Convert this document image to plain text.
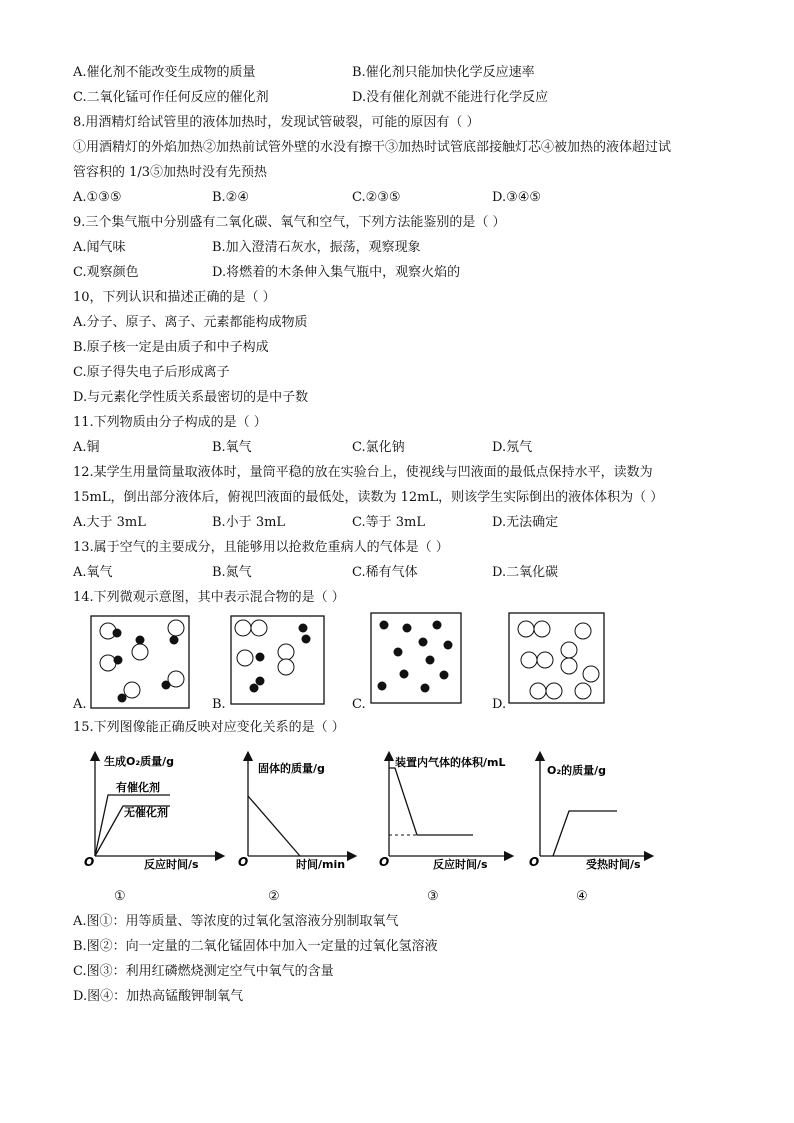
A.催化剂不能改变生成物的质量	B.催化剂只能加快化学反应速率
C.二氧化锰可作任何反应的催化剂	D.没有催化剂就不能进行化学反应
8.用酒精灯给试管里的液体加热时，发现试管破裂，可能的原因有（ ）
①用酒精灯的外焰加热②加热前试管外壁的水没有擦干③加热时试管底部接触灯芯④被加热的液体超过试
管容积的 1/3⑤加热时没有先预热
A.①③⑤	B.②④	C.②③⑤	D.③④⑤
9.三个集气瓶中分别盛有二氧化碳、氧气和空气，下列方法能鉴别的是（ ）
A.闻气味	B.加入澄清石灰水，振荡，观察现象
C.观察颜色	D.将燃着的木条伸入集气瓶中，观察火焰的
10，下列认识和描述正确的是（ ）
A.分子、原子、离子、元素都能构成物质
B.原子核一定是由质子和中子构成
C.原子得失电子后形成离子
D.与元素化学性质关系最密切的是中子数
11.下列物质由分子构成的是（ ）
A.铜	B.氧气	C.氯化钠	D.氖气
12.某学生用量筒量取液体时，量筒平稳的放在实验台上，使视线与凹液面的最低点保持水平，读数为
15mL，倒出部分液体后，俯视凹液面的最低处，读数为 12mL，则该学生实际倒出的液体体积为（ ）
A.大于 3mL	B.小于 3mL	C.等于 3mL	D.无法确定
13.属于空气的主要成分，且能够用以抢救危重病人的气体是（ ）
A.氧气	B.氮气	C.稀有气体	D.二氧化碳
14.下列微观示意图，其中表示混合物的是（ ）
A.	B.	C.	D.
15.下列图像能正确反映对应变化关系的是（ ）
生成O₂质量/g
有催化剂
无催化剂
O	反应时间/s
①
固体的质量/g
O	时间/min
②
装置内气体的体积/mL
O	反应时间/s
③
O₂的质量/g
O	受热时间/s
④
A.图①：用等质量、等浓度的过氧化氢溶液分别制取氧气
B.图②：向一定量的二氧化锰固体中加入一定量的过氧化氢溶液
C.图③：利用红磷燃烧测定空气中氧气的含量
D.图④：加热高锰酸钾制氧气
